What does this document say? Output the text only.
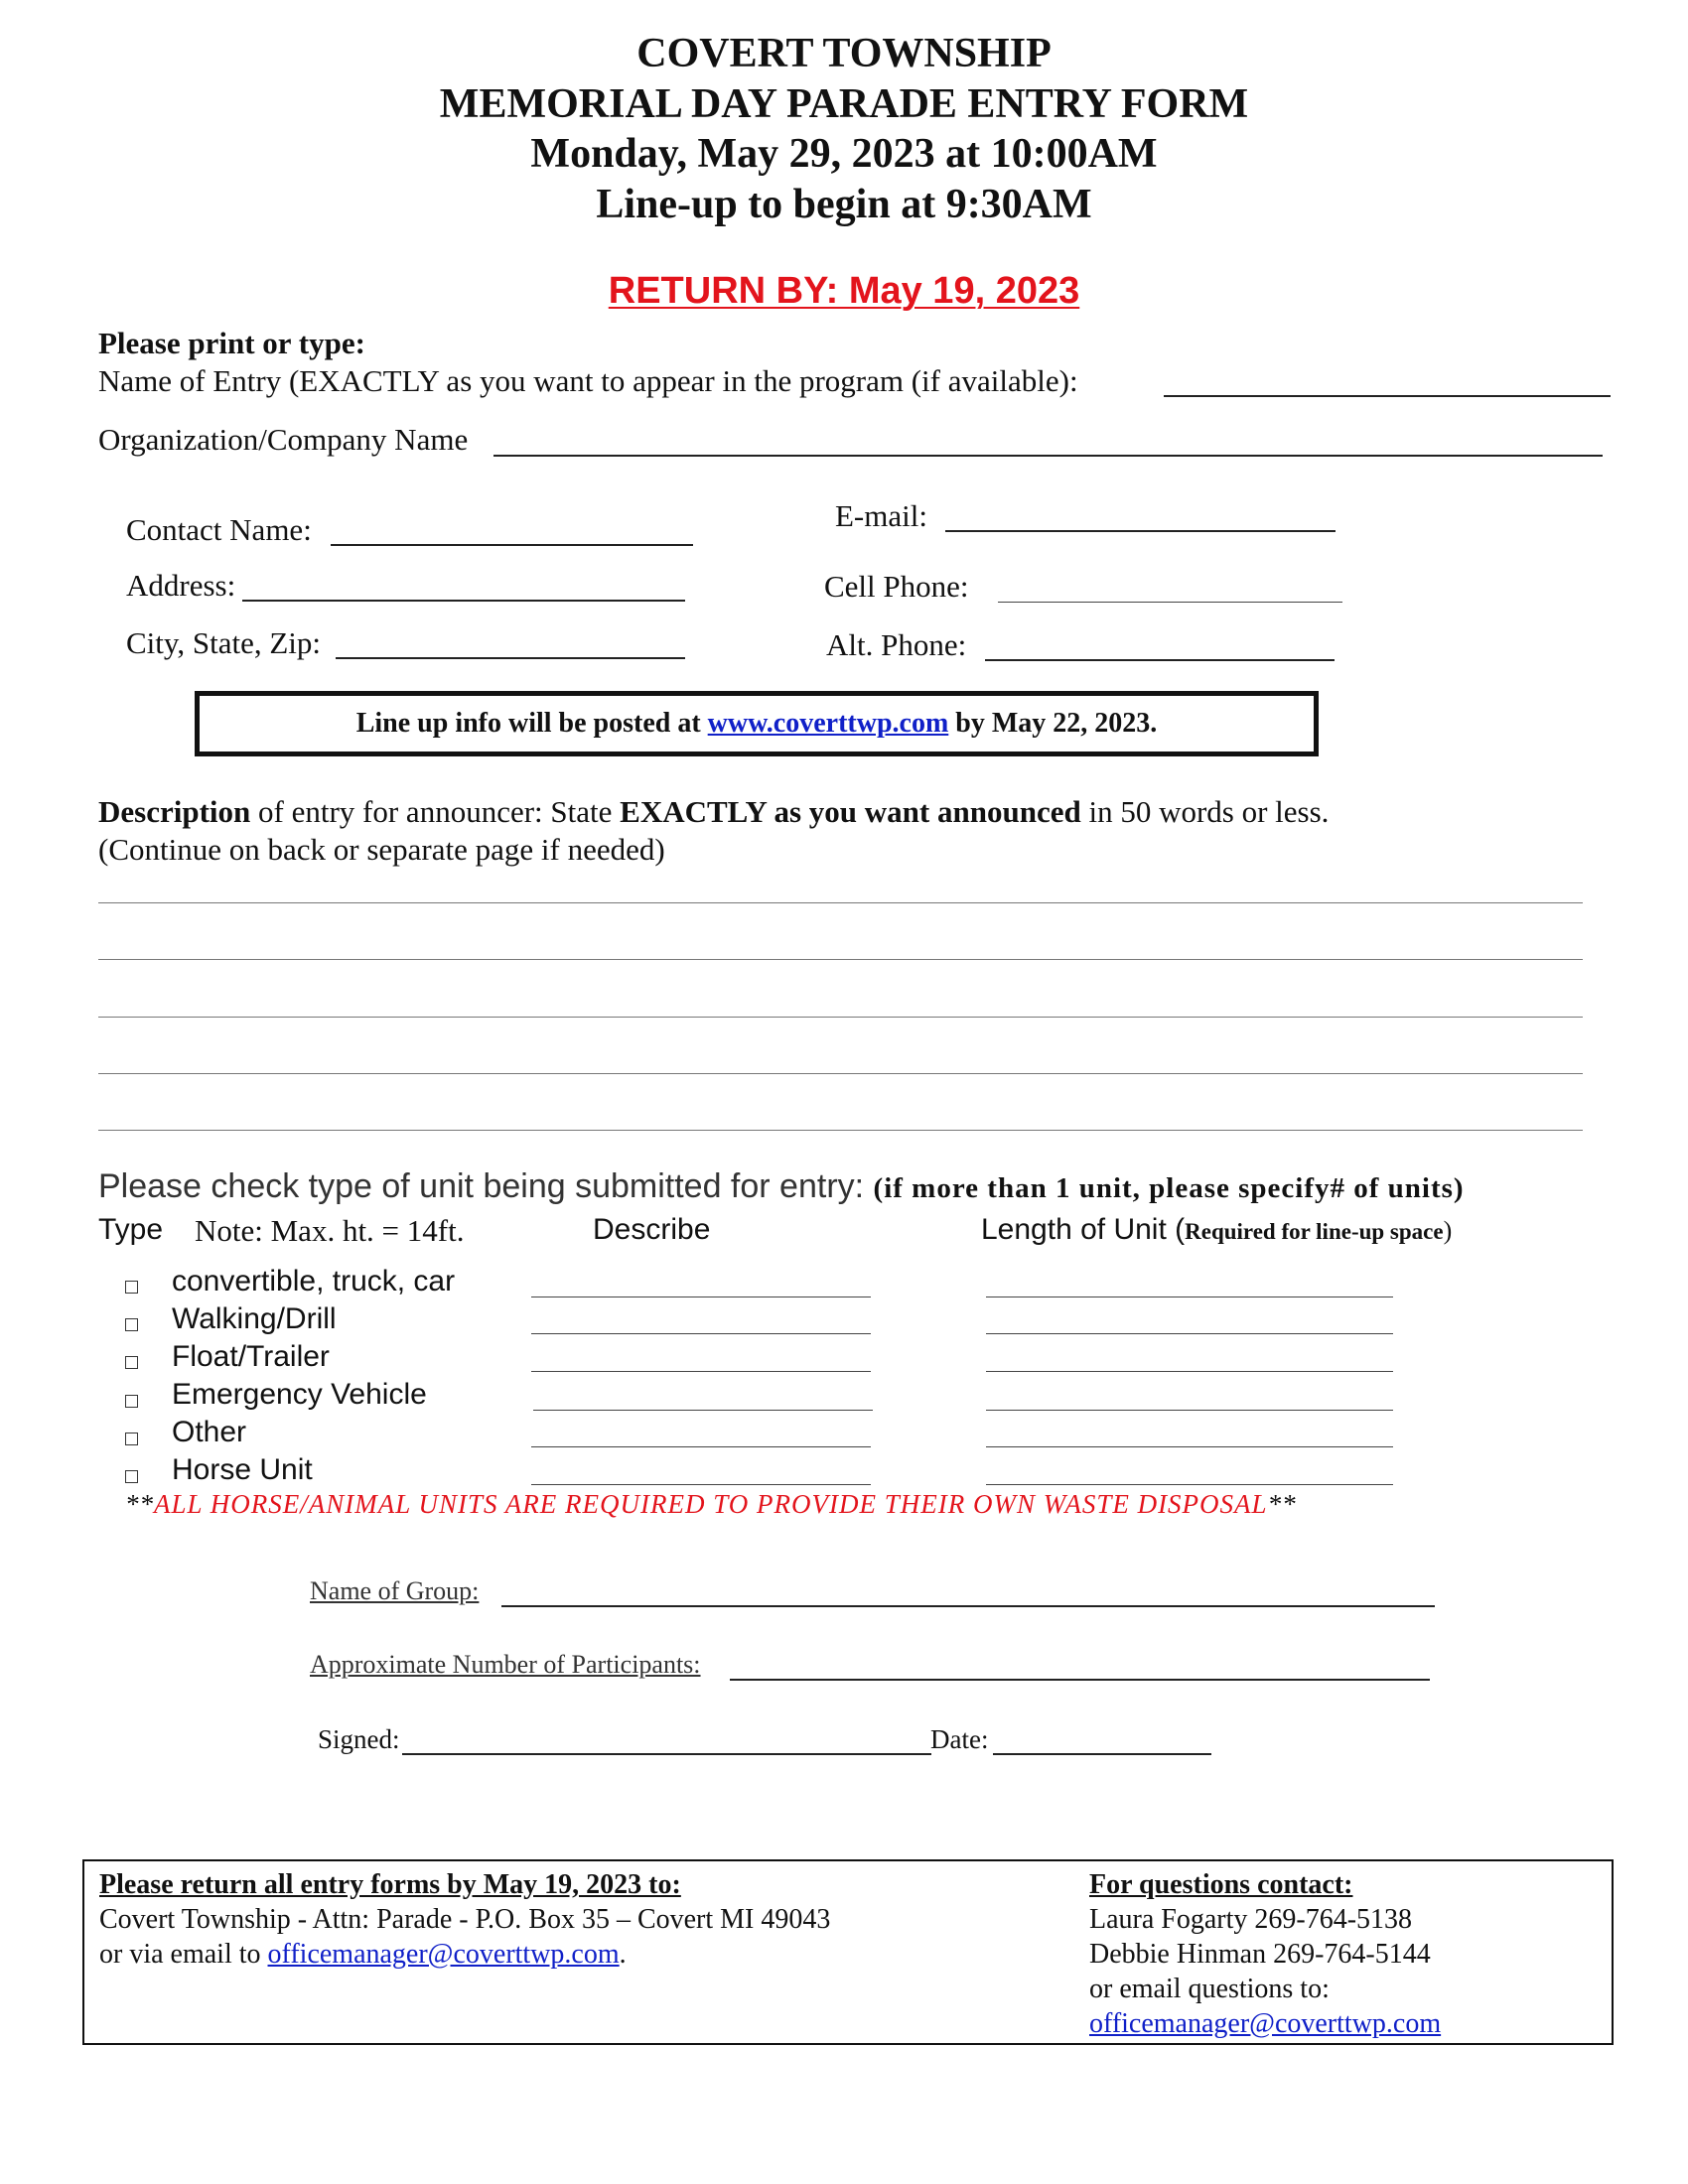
COVERT TOWNSHIP
MEMORIAL DAY PARADE ENTRY FORM
Monday, May 29, 2023 at 10:00AM
Line-up to begin at 9:30AM
RETURN BY: May 19, 2023
Please print or type:
Name of Entry (EXACTLY as you want to appear in the program (if available):
Organization/Company Name
Contact Name:	E-mail:
Address:	Cell Phone:
City, State, Zip:	Alt. Phone:
Line up info will be posted at www.coverttwp.com by May 22, 2023.
Description of entry for announcer: State EXACTLY as you want announced in 50 words or less.
(Continue on back or separate page if needed)
Please check type of unit being submitted for entry: (if more than 1 unit, please specify# of units)
Type Note: Max. ht. = 14ft.	Describe	Length of Unit (Required for line-up space)
convertible, truck, car
Walking/Drill
Float/Trailer
Emergency Vehicle
Other
Horse Unit
**ALL HORSE/ANIMAL UNITS ARE REQUIRED TO PROVIDE THEIR OWN WASTE DISPOSAL**
Name of Group:
Approximate Number of Participants:
Signed:	Date:
Please return all entry forms by May 19, 2023 to:
Covert Township - Attn: Parade - P.O. Box 35 – Covert MI 49043
or via email to officemanager@coverttwp.com.
For questions contact:
Laura Fogarty 269-764-5138
Debbie Hinman 269-764-5144
or email questions to:
officemanager@coverttwp.com
